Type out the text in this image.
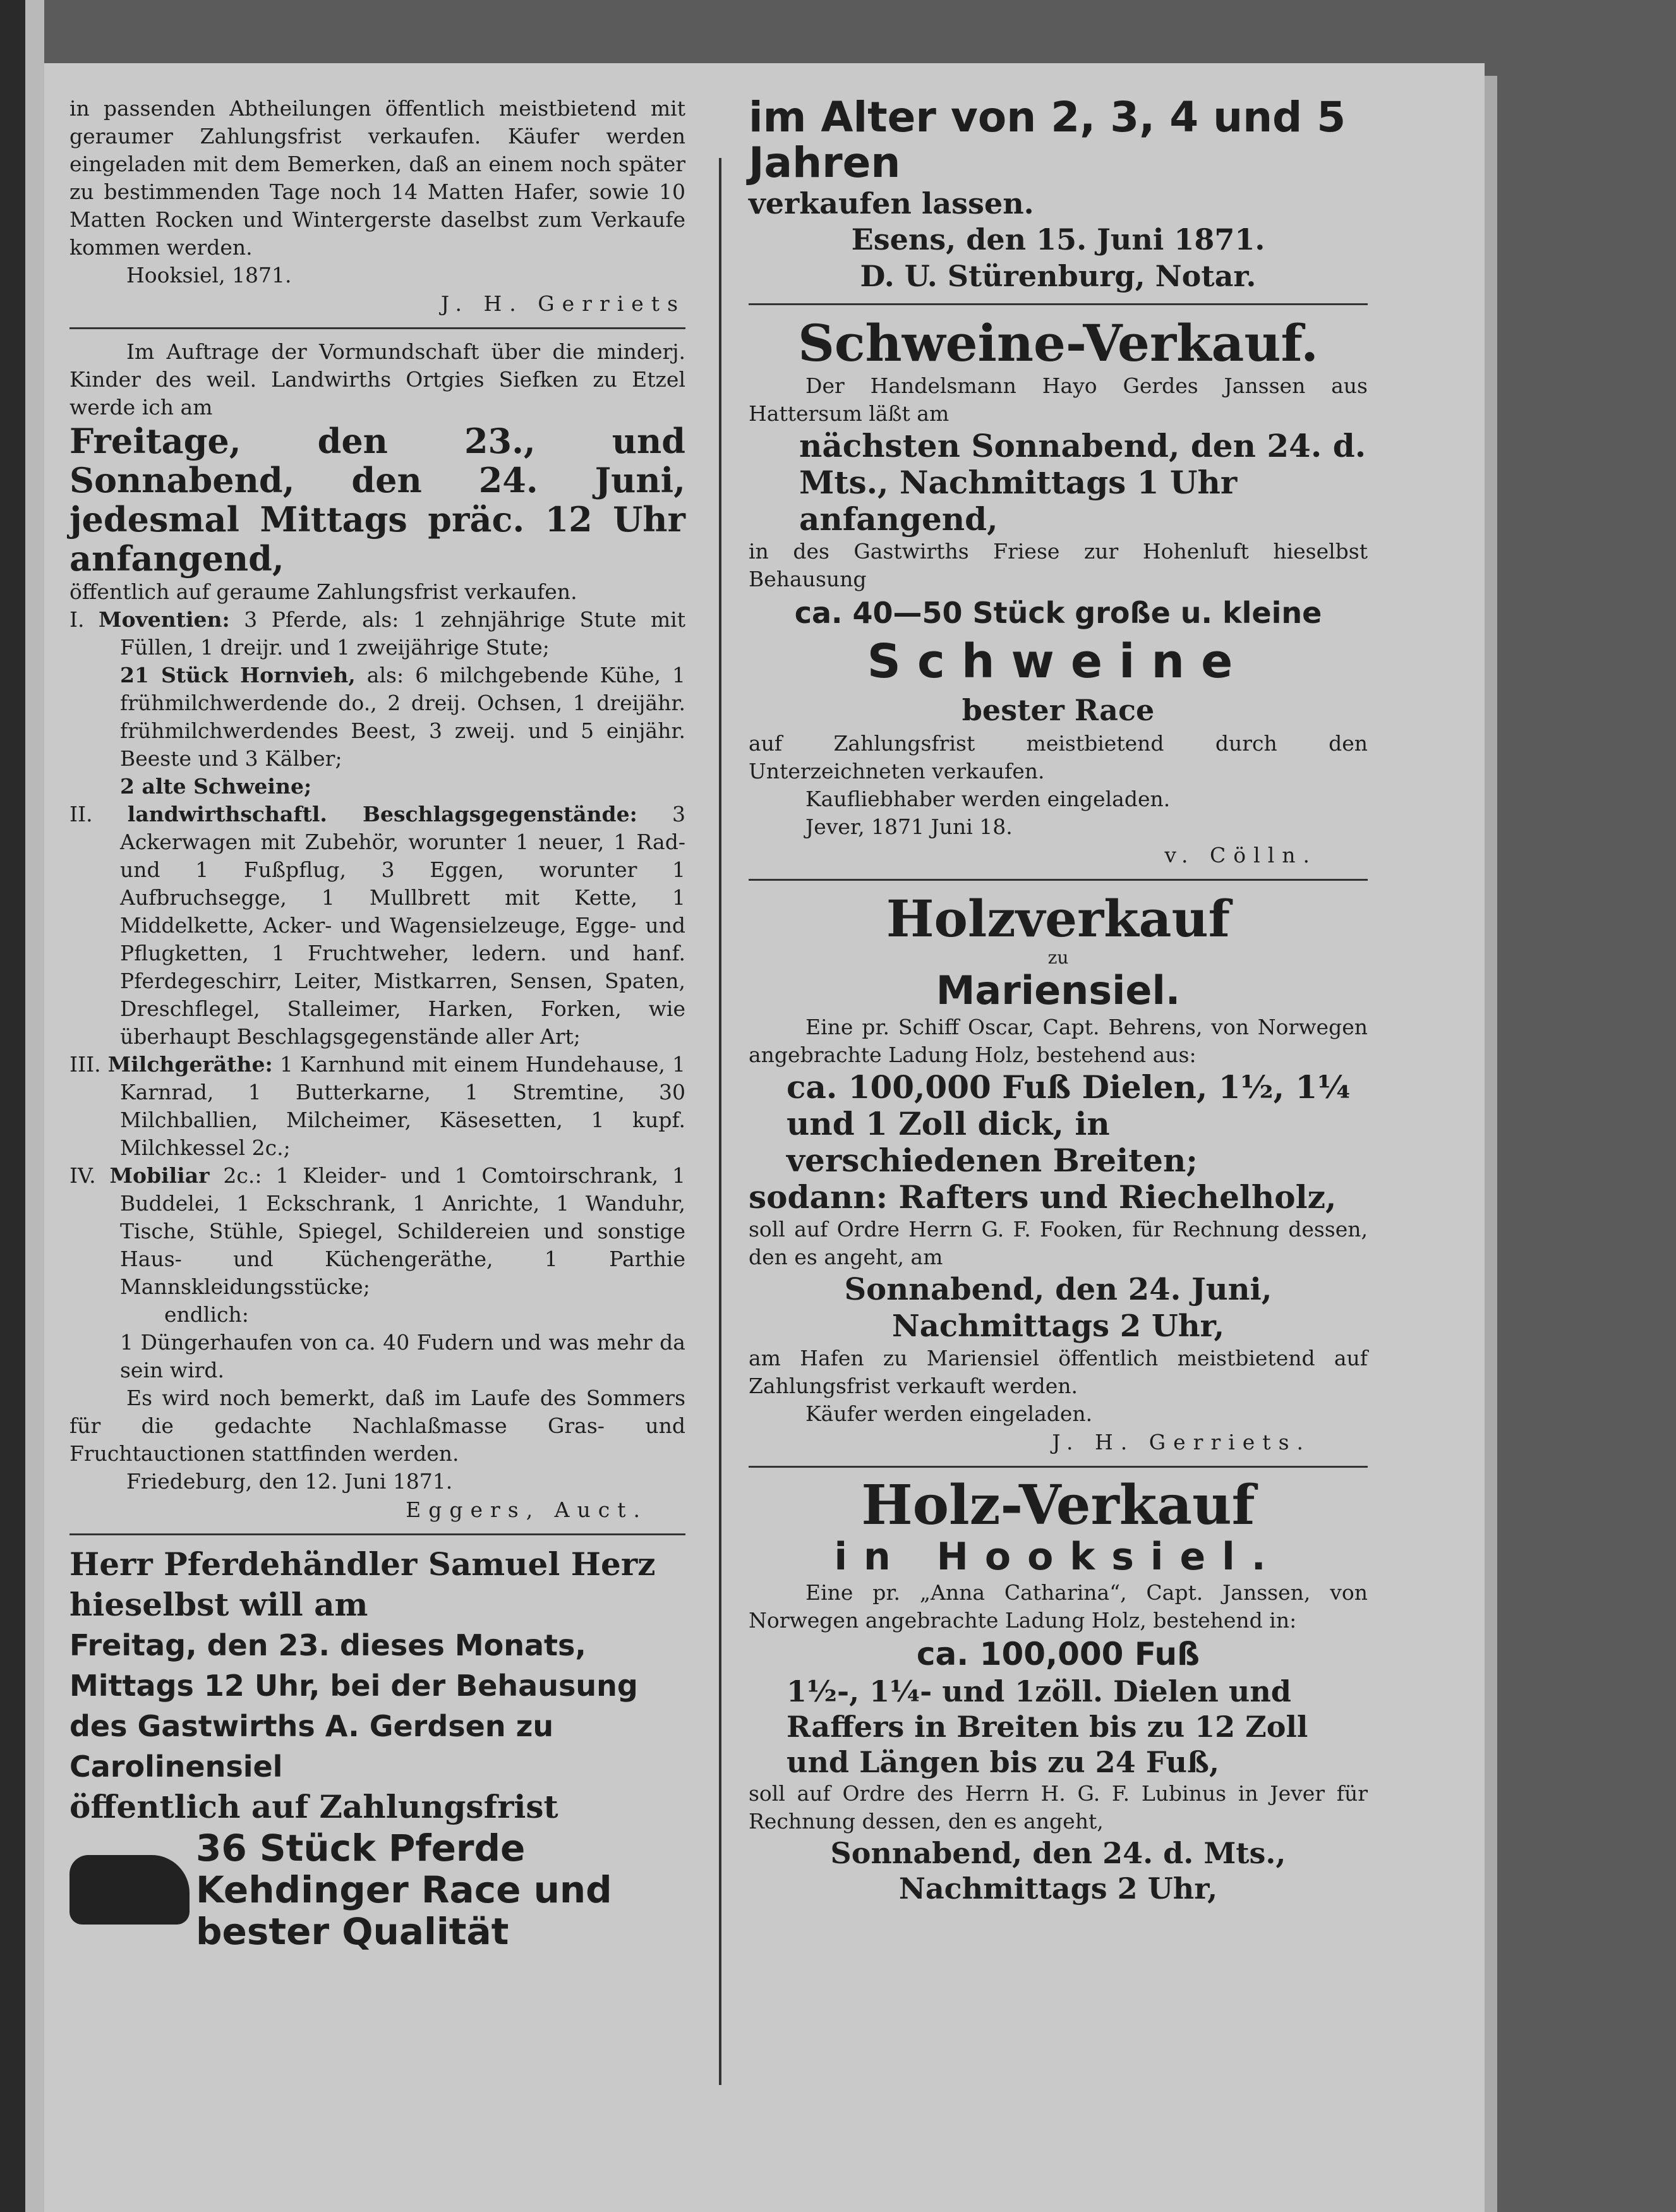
in passenden Abtheilungen öffentlich meistbietend mit geraumer Zahlungsfrist verkaufen. Käufer werden eingeladen mit dem Bemerken, daß an einem noch später zu bestimmenden Tage noch 14 Matten Hafer, sowie 10 Matten Rocken und Wintergerste daselbst zum Verkaufe kommen werden.

Hooksiel, 1871.

J. H. Gerriets

Im Auftrage der Vormundschaft über die minderj. Kinder des weil. Landwirths Ortgies Siefken zu Etzel werde ich am

Freitage, den 23., und Sonnabend, den 24. Juni, jedesmal Mittags präc. 12 Uhr anfangend,

öffentlich auf geraume Zahlungsfrist verkaufen.

I. Moventien: 3 Pferde, als: 1 zehnjährige Stute mit Füllen, 1 dreijr. und 1 zweijährige Stute;

21 Stück Hornvieh, als: 6 milchgebende Kühe, 1 frühmilchwerdende do., 2 dreij. Ochsen, 1 dreijähr. frühmilchwerdendes Beest, 3 zweij. und 5 einjähr. Beeste und 3 Kälber;

2 alte Schweine;

II. landwirthschaftl. Beschlagsgegenstände: 3 Ackerwagen mit Zubehör, worunter 1 neuer, 1 Rad- und 1 Fußpflug, 3 Eggen, worunter 1 Aufbruchsegge, 1 Mullbrett mit Kette, 1 Middelkette, Acker- und Wagensielzeuge, Egge- und Pflugketten, 1 Fruchtweher, ledern. und hanf. Pferdegeschirr, Leiter, Mistkarren, Sensen, Spaten, Dreschflegel, Stalleimer, Harken, Forken, wie überhaupt Beschlagsgegenstände aller Art;

III. Milchgeräthe: 1 Karnhund mit einem Hundehause, 1 Karnrad, 1 Butterkarne, 1 Stremtine, 30 Milchballien, Milcheimer, Käsesetten, 1 kupf. Milchkessel 2c.;

IV. Mobiliar 2c.: 1 Kleider- und 1 Comtoirschrank, 1 Buddelei, 1 Eckschrank, 1 Anrichte, 1 Wanduhr, Tische, Stühle, Spiegel, Schildereien und sonstige Haus- und Küchengeräthe, 1 Parthie Mannskleidungsstücke;

endlich:

1 Düngerhaufen von ca. 40 Fudern und was mehr da sein wird.

Es wird noch bemerkt, daß im Laufe des Sommers für die gedachte Nachlaßmasse Gras- und Fruchtauctionen stattfinden werden.

Friedeburg, den 12. Juni 1871.

Eggers, Auct.

Herr Pferdehändler Samuel Herz hieselbst will am

Freitag, den 23. dieses Monats, Mittags 12 Uhr, bei der Behausung des Gastwirths A. Gerdsen zu Carolinensiel

öffentlich auf Zahlungsfrist

36 Stück Pferde Kehdinger Race und bester Qualität

im Alter von 2, 3, 4 und 5 Jahren

verkaufen lassen.

Esens, den 15. Juni 1871.

D. U. Stürenburg, Notar.

Schweine-Verkauf.

Der Handelsmann Hayo Gerdes Janssen aus Hattersum läßt am

nächsten Sonnabend, den 24. d. Mts., Nachmittags 1 Uhr anfangend,

in des Gastwirths Friese zur Hohenluft hieselbst Behausung

ca. 40—50 Stück große u. kleine

Schweine

bester Race

auf Zahlungsfrist meistbietend durch den Unterzeichneten verkaufen.

Kaufliebhaber werden eingeladen.

Jever, 1871 Juni 18.

v. Cölln.

Holzverkauf

zu

Mariensiel.

Eine pr. Schiff Oscar, Capt. Behrens, von Norwegen angebrachte Ladung Holz, bestehend aus:

ca. 100,000 Fuß Dielen, 1½, 1¼ und 1 Zoll dick, in verschiedenen Breiten;

sodann: Rafters und Riechelholz,

soll auf Ordre Herrn G. F. Fooken, für Rechnung dessen, den es angeht, am

Sonnabend, den 24. Juni,

Nachmittags 2 Uhr,

am Hafen zu Mariensiel öffentlich meistbietend auf Zahlungsfrist verkauft werden.

Käufer werden eingeladen.

J. H. Gerriets.

Holz-Verkauf

in Hooksiel.

Eine pr. „Anna Catharina“, Capt. Janssen, von Norwegen angebrachte Ladung Holz, bestehend in:

ca. 100,000 Fuß

1½-, 1¼- und 1zöll. Dielen und Raffers in Breiten bis zu 12 Zoll und Längen bis zu 24 Fuß,

soll auf Ordre des Herrn H. G. F. Lubinus in Jever für Rechnung dessen, den es angeht,

Sonnabend, den 24. d. Mts.,

Nachmittags 2 Uhr,
